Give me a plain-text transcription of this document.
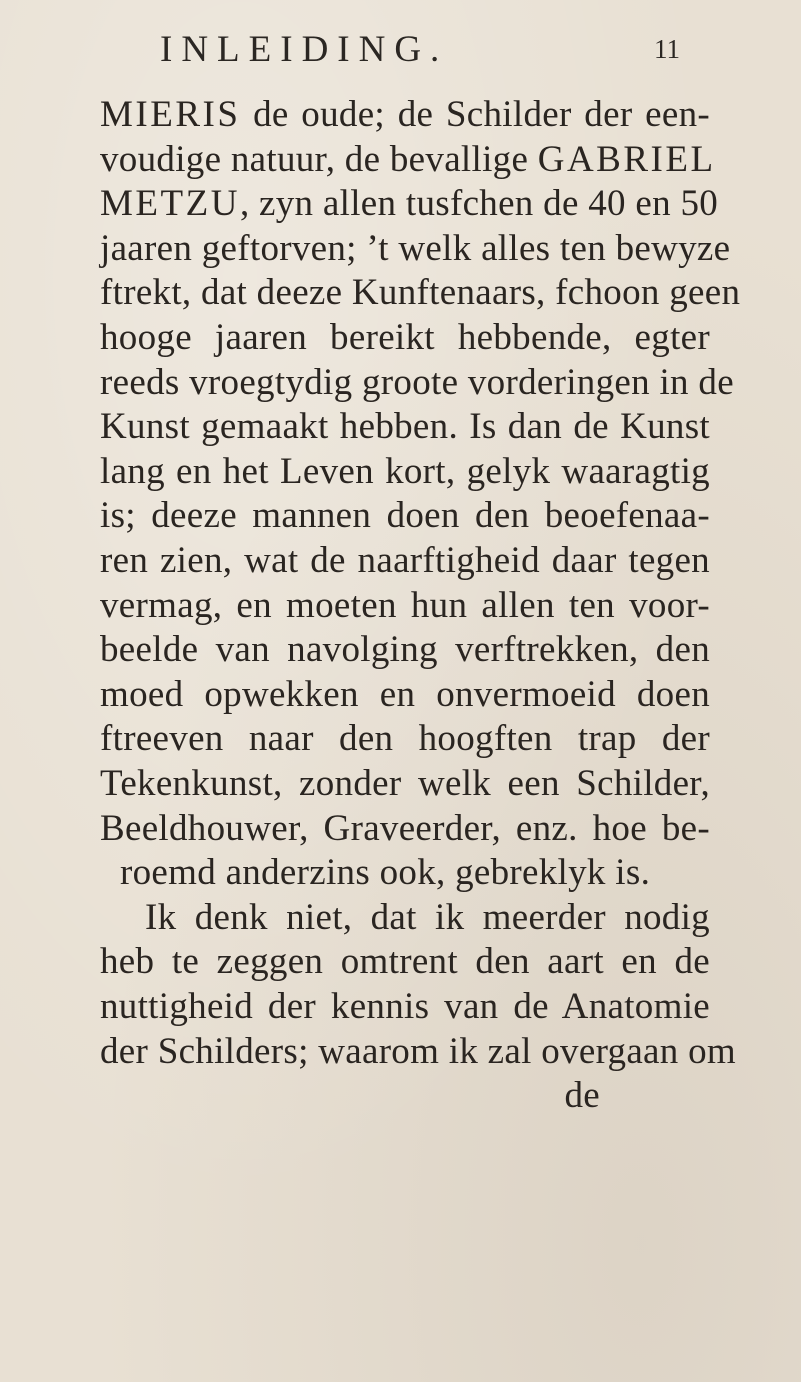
INLEIDING.	11
MIERIS de oude; de Schilder der een-
voudige natuur, de bevallige GABRIEL
METZU, zyn allen tusfchen de 40 en 50
jaaren geftorven; ’t welk alles ten bewyze
ftrekt, dat deeze Kunftenaars, fchoon geen
hooge jaaren bereikt hebbende, egter
reeds vroegtydig groote vorderingen in de
Kunst gemaakt hebben. Is dan de Kunst
lang en het Leven kort, gelyk waaragtig
is; deeze mannen doen den beoefenaa-
ren zien, wat de naarftigheid daar tegen
vermag, en moeten hun allen ten voor-
beelde van navolging verftrekken, den
moed opwekken en onvermoeid doen
ftreeven naar den hoogften trap der
Tekenkunst, zonder welk een Schilder,
Beeldhouwer, Graveerder, enz. hoe be-
roemd anderzins ook, gebreklyk is.
Ik denk niet, dat ik meerder nodig
heb te zeggen omtrent den aart en de
nuttigheid der kennis van de Anatomie
der Schilders; waarom ik zal overgaan om
de
